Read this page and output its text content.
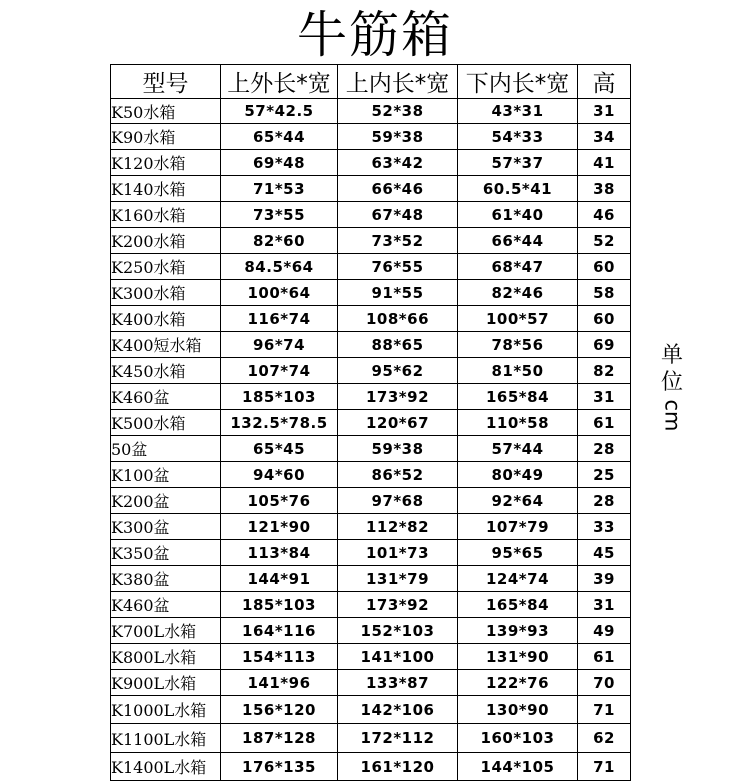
牛筋箱
型号	上外长*宽	上内长*宽	下内长*宽	高
K50水箱	57*42.5	52*38	43*31	31
K90水箱	65*44	59*38	54*33	34
K120水箱	69*48	63*42	57*37	41
K140水箱	71*53	66*46	60.5*41	38
K160水箱	73*55	67*48	61*40	46
K200水箱	82*60	73*52	66*44	52
K250水箱	84.5*64	76*55	68*47	60
K300水箱	100*64	91*55	82*46	58
K400水箱	116*74	108*66	100*57	60
K400短水箱	96*74	88*65	78*56	69
K450水箱	107*74	95*62	81*50	82
K460盆	185*103	173*92	165*84	31
K500水箱	132.5*78.5	120*67	110*58	61
50盆	65*45	59*38	57*44	28
K100盆	94*60	86*52	80*49	25
K200盆	105*76	97*68	92*64	28
K300盆	121*90	112*82	107*79	33
K350盆	113*84	101*73	95*65	45
K380盆	144*91	131*79	124*74	39
K460盆	185*103	173*92	165*84	31
K700L水箱	164*116	152*103	139*93	49
K800L水箱	154*113	141*100	131*90	61
K900L水箱	141*96	133*87	122*76	70
K1000L水箱	156*120	142*106	130*90	71
K1100L水箱	187*128	172*112	160*103	62
K1400L水箱	176*135	161*120	144*105	71
单位
cm
